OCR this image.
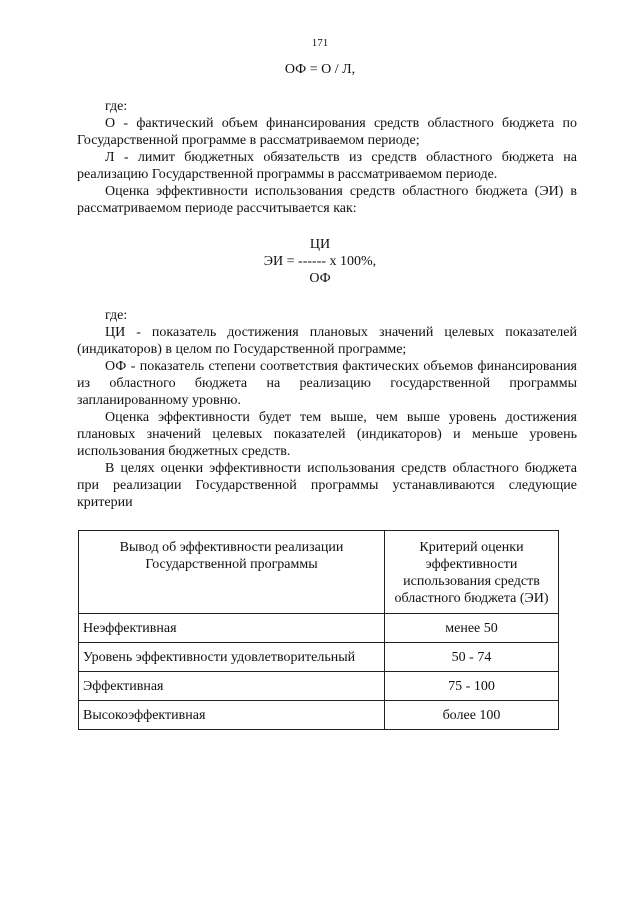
171
ОФ = О / Л,

где:

О - фактический объем финансирования средств областного бюджета по Государственной программе в рассматриваемом периоде;

Л - лимит бюджетных обязательств из средств областного бюджета на реализацию Государственной программы в рассматриваемом периоде.

Оценка эффективности использования средств областного бюджета (ЭИ) в рассматриваемом периоде рассчитывается как:

ЦИ
ЭИ = ------ x 100%,
ОФ

где:

ЦИ - показатель достижения плановых значений целевых показателей (индикаторов) в целом по Государственной программе;

ОФ - показатель степени соответствия фактических объемов финансирования из областного бюджета на реализацию государственной программы запланированному уровню.

Оценка эффективности будет тем выше, чем выше уровень достижения плановых значений целевых показателей (индикаторов) и меньше уровень использования бюджетных средств.

В целях оценки эффективности использования средств областного бюджета при реализации Государственной программы устанавливаются следующие критерии

Вывод об эффективности реализации Государственной программы	Критерий оценки эффективности использования средств областного бюджета (ЭИ)
Неэффективная	менее 50
Уровень эффективности удовлетворительный	50 - 74
Эффективная	75 - 100
Высокоэффективная	более 100
